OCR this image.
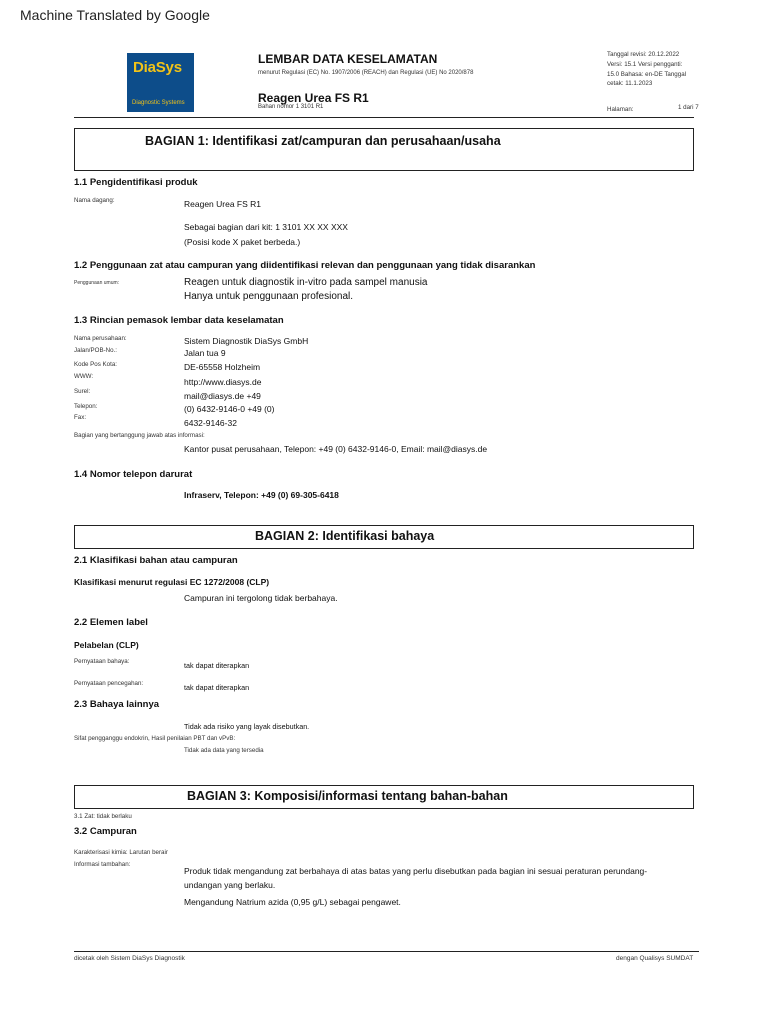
Machine Translated by Google
DiaSys
Diagnostic Systems
LEMBAR DATA KESELAMATAN
menurut Regulasi (EC) No. 1907/2006 (REACH) dan Regulasi (UE) No 2020/878
Reagen Urea FS R1
Bahan nomor 1 3101 R1
Tanggal revisi: 20.12.2022
Versi: 15.1 Versi pengganti:
15.0 Bahasa: en-DE Tanggal
cetak: 11.1.2023
Halaman:	1 dari 7
BAGIAN 1: Identifikasi zat/campuran dan perusahaan/usaha
1.1 Pengidentifikasi produk
Nama dagang:	Reagen Urea FS R1
Sebagai bagian dari kit: 1 3101 XX XX XXX
(Posisi kode X paket berbeda.)
1.2 Penggunaan zat atau campuran yang diidentifikasi relevan dan penggunaan yang tidak disarankan
Penggunaan umum:	Reagen untuk diagnostik in-vitro pada sampel manusia
Hanya untuk penggunaan profesional.
1.3 Rincian pemasok lembar data keselamatan
Nama perusahaan:	Sistem Diagnostik DiaSys GmbH
Jalan/POB-No.:	Jalan tua 9
Kode Pos Kota:	DE-65558 Holzheim
WWW:
http://www.diasys.de
Surel:	mail@diasys.de +49
Telepon:	(0) 6432-9146-0 +49 (0)
Fax:
6432-9146-32
Bagian yang bertanggung jawab atas informasi:
Kantor pusat perusahaan, Telepon: +49 (0) 6432-9146-0, Email: mail@diasys.de
1.4 Nomor telepon darurat
Infraserv, Telepon: +49 (0) 69-305-6418
BAGIAN 2: Identifikasi bahaya
2.1 Klasifikasi bahan atau campuran
Klasifikasi menurut regulasi EC 1272/2008 (CLP)
Campuran ini tergolong tidak berbahaya.
2.2 Elemen label
Pelabelan (CLP)
Pernyataan bahaya:	tak dapat diterapkan
Pernyataan pencegahan:	tak dapat diterapkan
2.3 Bahaya lainnya
Tidak ada risiko yang layak disebutkan.
Sifat pengganggu endokrin, Hasil penilaian PBT dan vPvB:
Tidak ada data yang tersedia
BAGIAN 3: Komposisi/informasi tentang bahan-bahan
3.1 Zat: tidak berlaku
3.2 Campuran
Karakterisasi kimia: Larutan berair
Informasi tambahan:
Produk tidak mengandung zat berbahaya di atas batas yang perlu disebutkan pada bagian ini sesuai peraturan perundang-
undangan yang berlaku.
Mengandung Natrium azida (0,95 g/L) sebagai pengawet.
dicetak oleh Sistem DiaSys Diagnostik	dengan Qualisys SUMDAT
